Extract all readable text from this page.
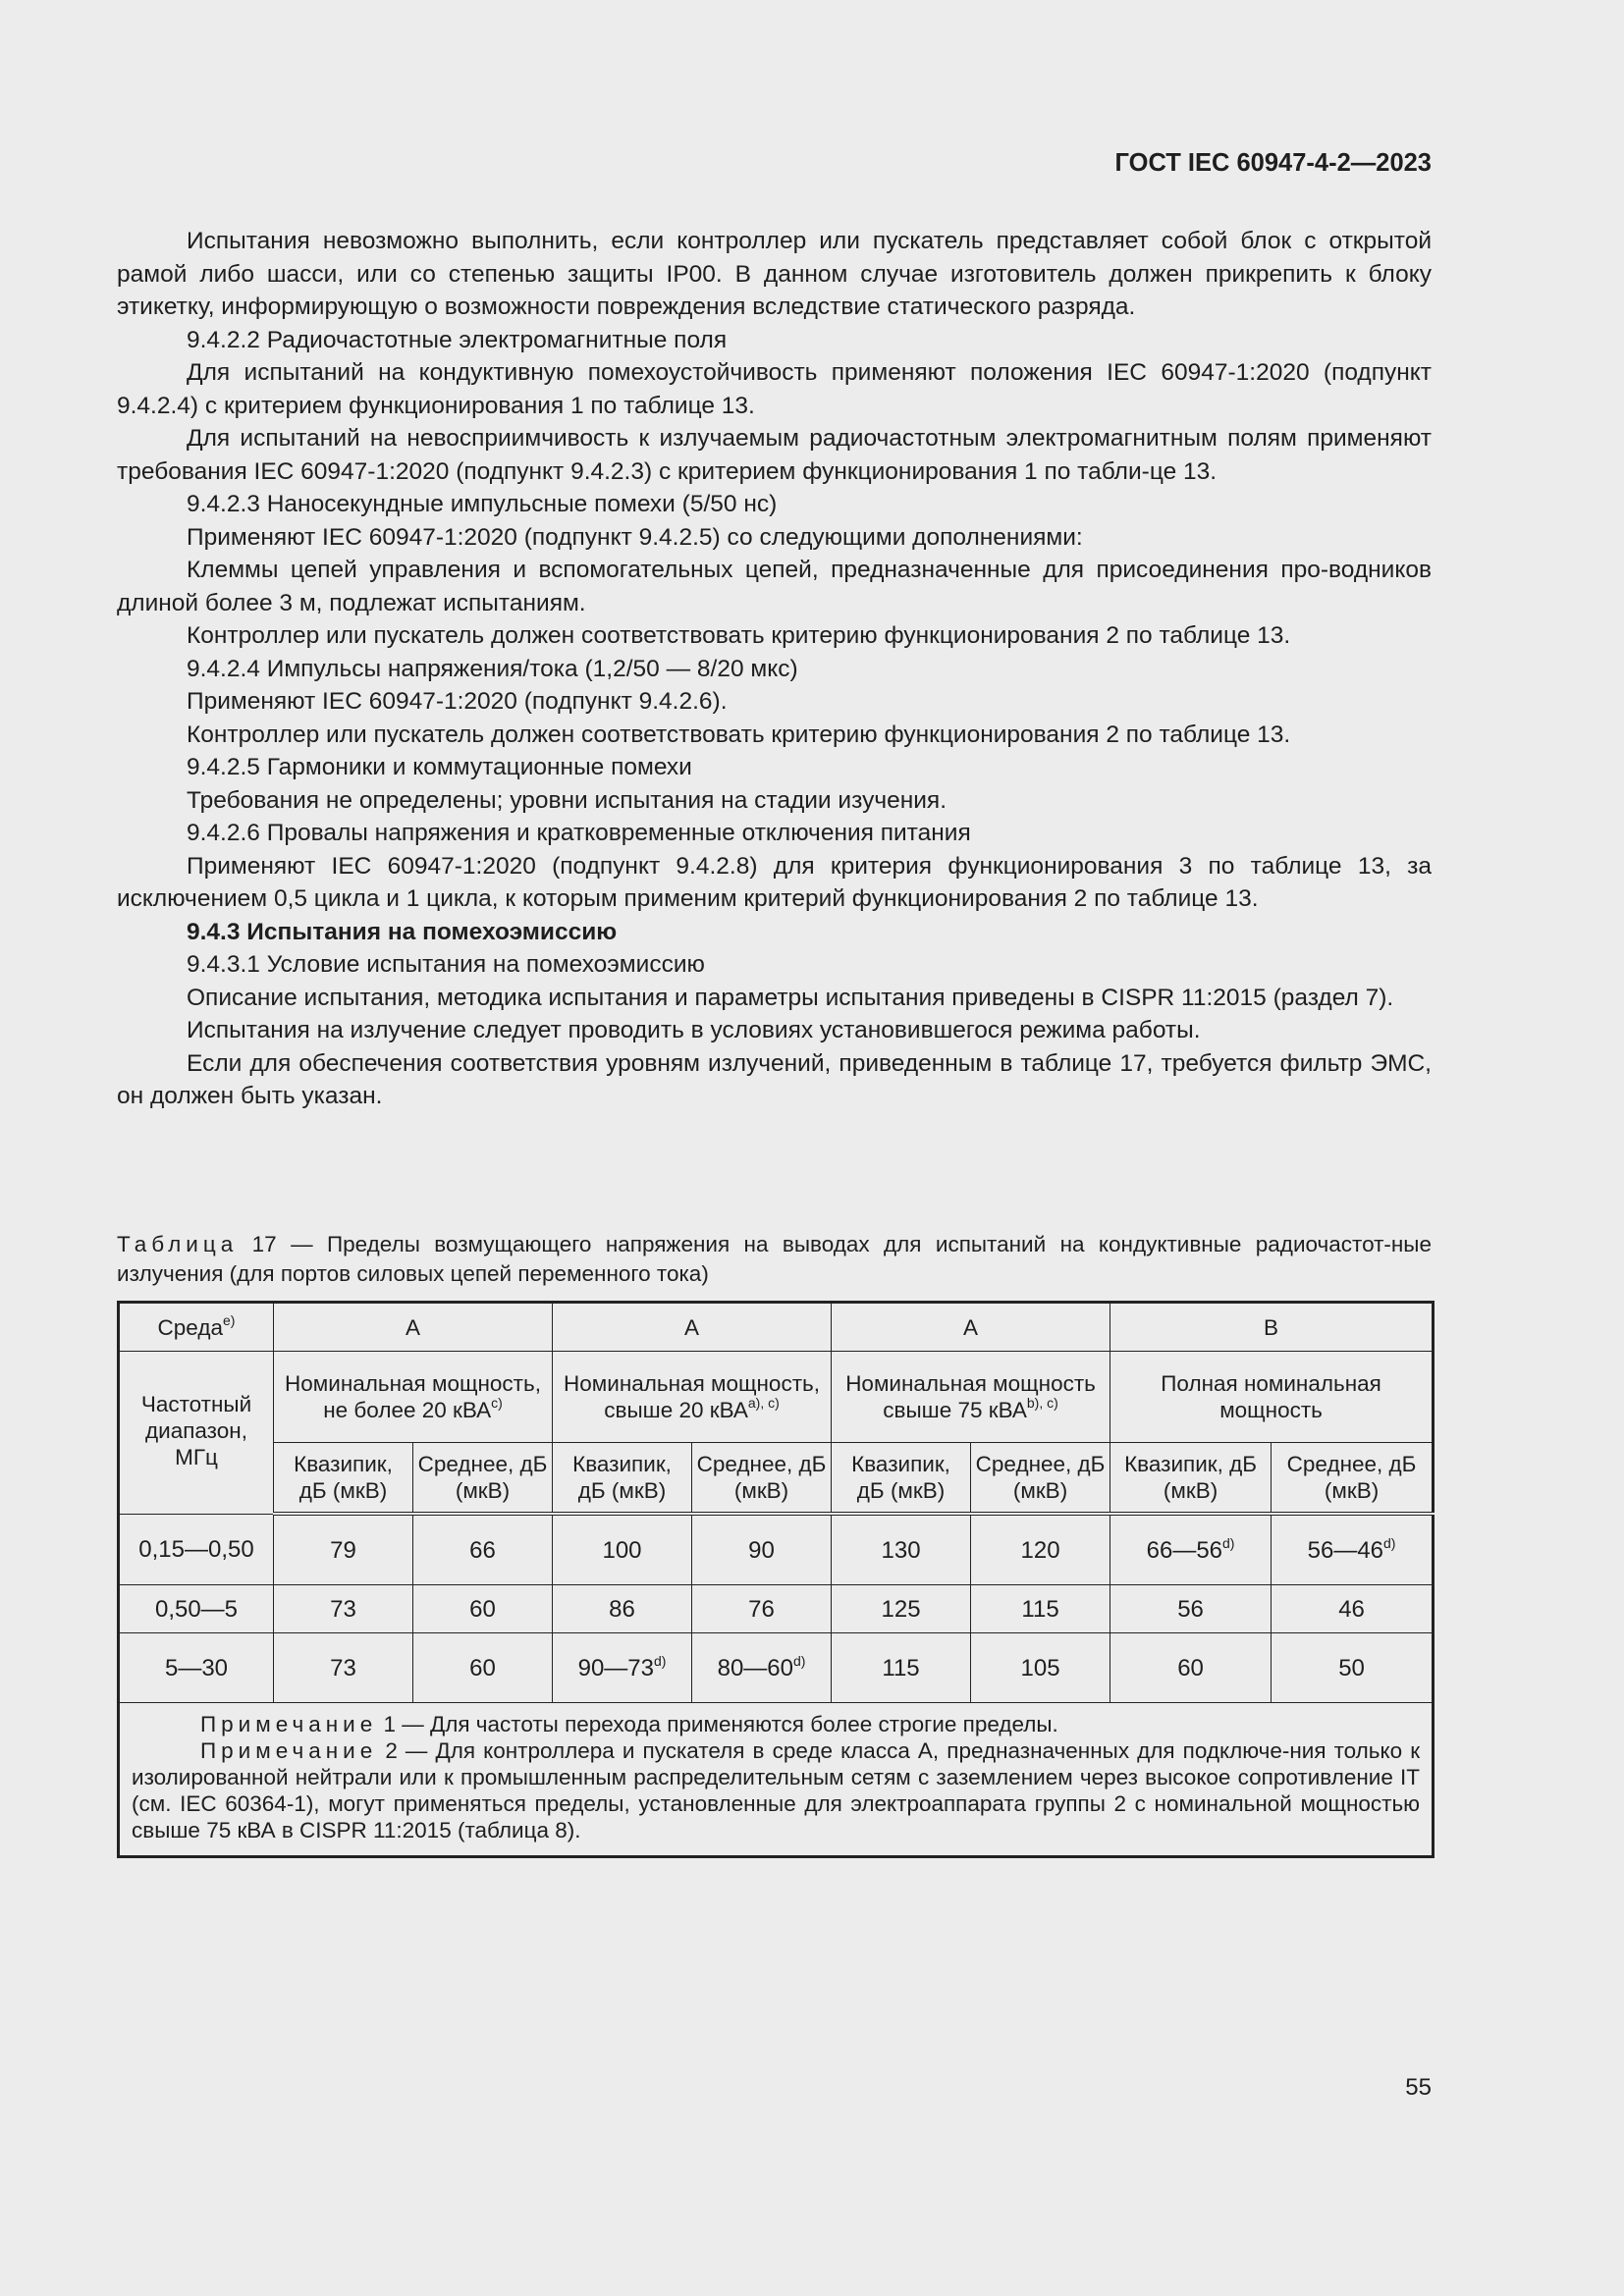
ГОСТ IEC 60947-4-2—2023

Испытания невозможно выполнить, если контроллер или пускатель представляет собой блок с открытой рамой либо шасси, или со степенью защиты IP00. В данном случае изготовитель должен прикрепить к блоку этикетку, информирующую о возможности повреждения вследствие статического разряда.

9.4.2.2 Радиочастотные электромагнитные поля

Для испытаний на кондуктивную помехоустойчивость применяют положения IEC 60947-1:2020 (подпункт 9.4.2.4) с критерием функционирования 1 по таблице 13.

Для испытаний на невосприимчивость к излучаемым радиочастотным электромагнитным полям применяют требования IEC 60947-1:2020 (подпункт 9.4.2.3) с критерием функционирования 1 по табли-це 13.

9.4.2.3 Наносекундные импульсные помехи (5/50 нс)

Применяют IEC 60947-1:2020 (подпункт 9.4.2.5) со следующими дополнениями:

Клеммы цепей управления и вспомогательных цепей, предназначенные для присоединения про-водников длиной более 3 м, подлежат испытаниям.

Контроллер или пускатель должен соответствовать критерию функционирования 2 по таблице 13.

9.4.2.4 Импульсы напряжения/тока (1,2/50 — 8/20 мкс)

Применяют IEC 60947-1:2020 (подпункт 9.4.2.6).

Контроллер или пускатель должен соответствовать критерию функционирования 2 по таблице 13.

9.4.2.5 Гармоники и коммутационные помехи

Требования не определены; уровни испытания на стадии изучения.

9.4.2.6 Провалы напряжения и кратковременные отключения питания

Применяют IEC 60947-1:2020 (подпункт 9.4.2.8) для критерия функционирования 3 по таблице 13, за исключением 0,5 цикла и 1 цикла, к которым применим критерий функционирования 2 по таблице 13.

9.4.3 Испытания на помехоэмиссию

9.4.3.1 Условие испытания на помехоэмиссию

Описание испытания, методика испытания и параметры испытания приведены в CISPR 11:2015 (раздел 7).

Испытания на излучение следует проводить в условиях установившегося режима работы.

Если для обеспечения соответствия уровням излучений, приведенным в таблице 17, требуется фильтр ЭМС, он должен быть указан.

Таблица 17 — Пределы возмущающего напряжения на выводах для испытаний на кондуктивные радиочастот-ные излучения (для портов силовых цепей переменного тока)
Среда$^{e)}$	A		A		A		B	
Частотный диапазон, МГц	Номинальная мощность, не более 20 кВА$^{c)}$		Номинальная мощность, свыше 20 кВА$^{a), c)}$		Номинальная мощность свыше 75 кВА$^{b), c)}$		Полная номинальная мощность	
	Квазипик, дБ (мкВ)	Среднее, дБ (мкВ)	Квазипик, дБ (мкВ)	Среднее, дБ (мкВ)	Квазипик, дБ (мкВ)	Среднее, дБ (мкВ)	Квазипик, дБ (мкВ)	Среднее, дБ (мкВ)
0,15—0,50	79	66	100	90	130	120	66—56$^{d)}$	56—46$^{d)}$
0,50—5	73	60	86	76	125	115	56	46
5—30	73	60	90—73$^{d)}$	80—60$^{d)}$	115	105	60	50

Примечание 1 — Для частоты перехода применяются более строгие пределы.

Примечание 2 — Для контроллера и пускателя в среде класса А, предназначенных для подключе-ния только к изолированной нейтрали или к промышленным распределительным сетям с заземлением через высокое сопротивление IT (см. IEC 60364-1), могут применяться пределы, установленные для электроаппарата группы 2 с номинальной мощностью свыше 75 кВА в CISPR 11:2015 (таблица 8).								

55
